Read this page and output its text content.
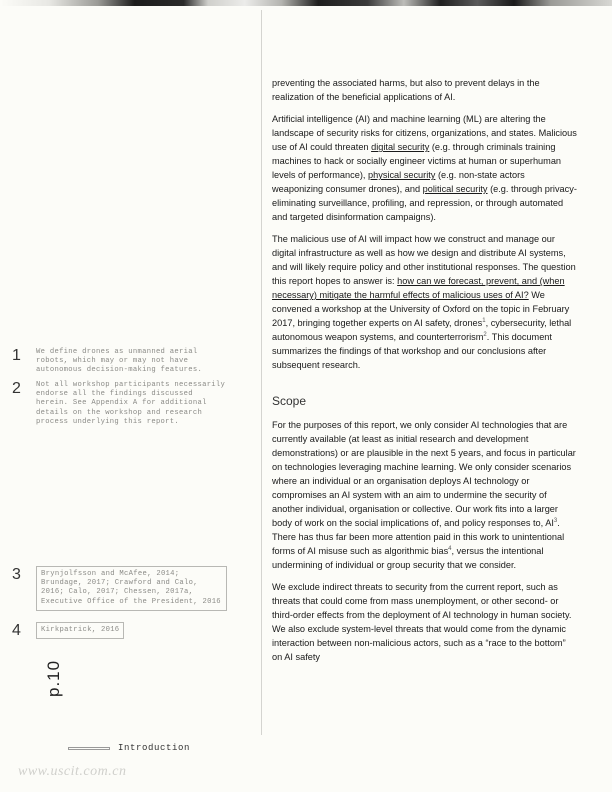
1	We define drones as unmanned aerial robots, which may or may not have autonomous decision-making features.
2	Not all workshop participants necessarily endorse all the findings discussed herein. See Appendix A for additional details on the workshop and research process underlying this report.
3	Brynjolfsson and McAfee, 2014; Brundage, 2017; Crawford and Calo, 2016; Calo, 2017; Chessen, 2017a, Executive Office of the President, 2016
4	Kirkpatrick, 2016
p.10
Introduction

preventing the associated harms, but also to prevent delays in the realization of the beneficial applications of AI.

Artificial intelligence (AI) and machine learning (ML) are altering the landscape of security risks for citizens, organizations, and states. Malicious use of AI could threaten digital security (e.g. through criminals training machines to hack or socially engineer victims at human or superhuman levels of performance), physical security (e.g. non-state actors weaponizing consumer drones), and political security (e.g. through privacy-eliminating surveillance, profiling, and repression, or through automated and targeted disinformation campaigns).

The malicious use of AI will impact how we construct and manage our digital infrastructure as well as how we design and distribute AI systems, and will likely require policy and other institutional responses. The question this report hopes to answer is: how can we forecast, prevent, and (when necessary) mitigate the harmful effects of malicious uses of AI? We convened a workshop at the University of Oxford on the topic in February 2017, bringing together experts on AI safety, drones$^1$, cybersecurity, lethal autonomous weapon systems, and counterterrorism$^2$. This document summarizes the findings of that workshop and our conclusions after subsequent research.

Scope

For the purposes of this report, we only consider AI technologies that are currently available (at least as initial research and development demonstrations) or are plausible in the next 5 years, and focus in particular on technologies leveraging machine learning. We only consider scenarios where an individual or an organisation deploys AI technology or compromises an AI system with an aim to undermine the security of another individual, organisation or collective. Our work fits into a larger body of work on the social implications of, and policy responses to, $AI^3$. There has thus far been more attention paid in this work to unintentional forms of AI misuse such as algorithmic bias$^4$, versus the intentional undermining of individual or group security that we consider.

We exclude indirect threats to security from the current report, such as threats that could come from mass unemployment, or other second- or third-order effects from the deployment of AI technology in human society. We also exclude system-level threats that would come from the dynamic interaction between non-malicious actors, such as a “race to the bottom” on AI safety

www.uscit.com.cn
